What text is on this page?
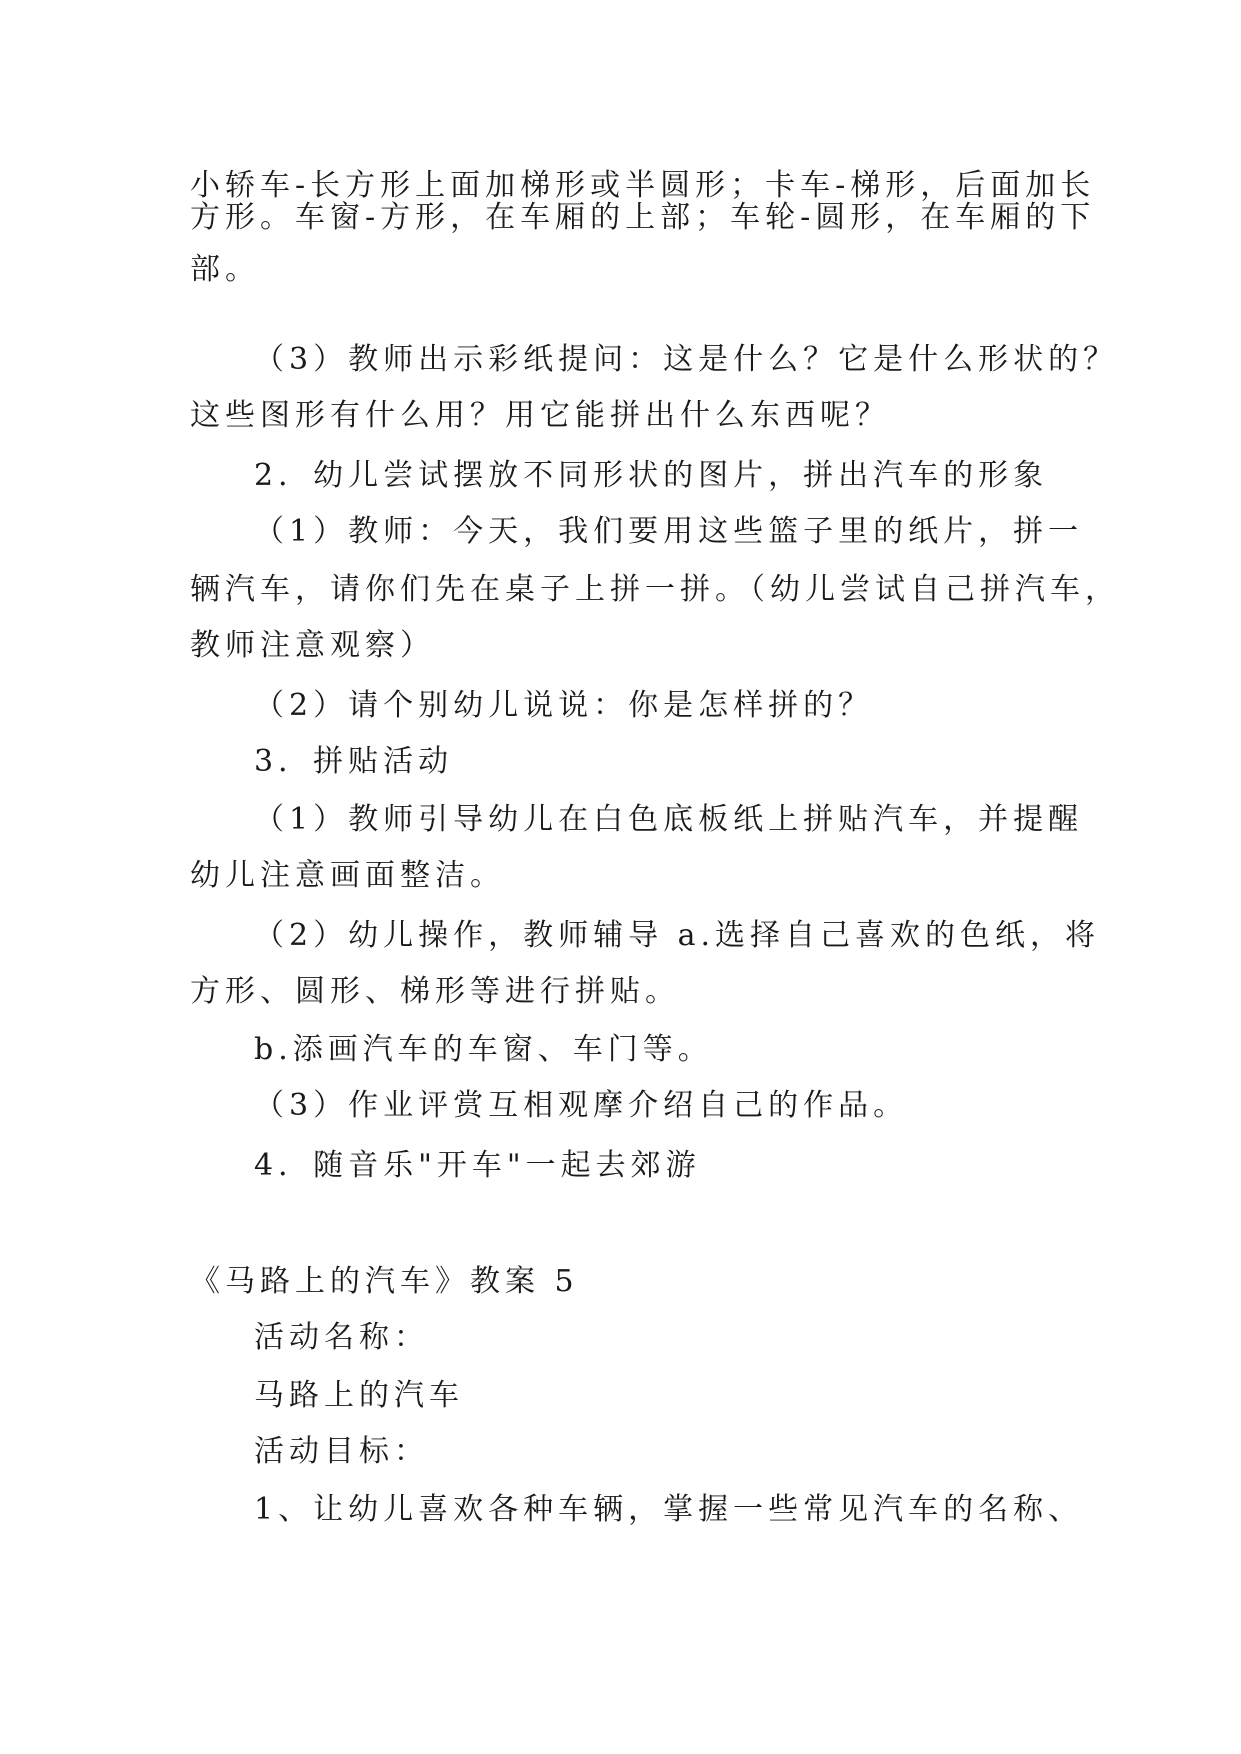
小轿车-长方形上面加梯形或半圆形；卡车-梯形，后面加长
方形。车窗-方形，在车厢的上部；车轮-圆形，在车厢的下
部。
（3）教师出示彩纸提问：这是什么？它是什么形状的？
这些图形有什么用？用它能拼出什么东西呢？
2．幼儿尝试摆放不同形状的图片，拼出汽车的形象
（1）教师：今天，我们要用这些篮子里的纸片，拼一
辆汽车，请你们先在桌子上拼一拼。（幼儿尝试自己拼汽车，
教师注意观察）
（2）请个别幼儿说说：你是怎样拼的？
3．拼贴活动
（1）教师引导幼儿在白色底板纸上拼贴汽车，并提醒
幼儿注意画面整洁。
（2）幼儿操作，教师辅导 a.选择自己喜欢的色纸，将
方形、圆形、梯形等进行拼贴。
b.添画汽车的车窗、车门等。
（3）作业评赏互相观摩介绍自己的作品。
4．随音乐"开车"一起去郊游
《马路上的汽车》教案 5
活动名称：
马路上的汽车
活动目标：
1、让幼儿喜欢各种车辆，掌握一些常见汽车的名称、
